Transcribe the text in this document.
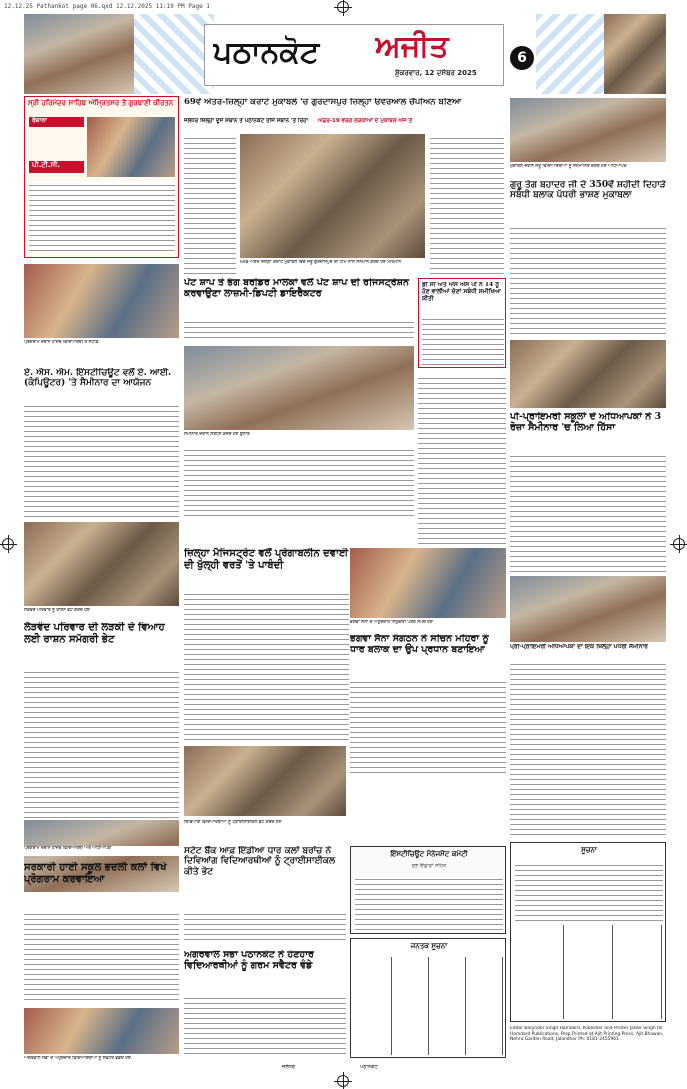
12.12.25 Pathankot page 06.qxd 12.12.2025 11:19 PM Page 1
ਪਠਾਨਕੋਟ	ਅਜੀਤ
ਸ਼ੁੱਕਰਵਾਰ, 12 ਦਸੰਬਰ 2025
6
ਸ੍ਰੀ ਹਰਿਮੰਦਰ ਸਾਹਿਬ ਅੰਮ੍ਰਿਤਸਰ ਤੋਂ ਗੁਰਬਾਣੀ ਕੀਰਤਨ
ਰੋਜ਼ਾਨਾ
ਪੀ.ਟੀ.ਸੀ.
69ਵੇਂ ਅੰਤਰ-ਜ਼ਿਲ੍ਹਾ ਕਰਾਟੇ ਮੁਕਾਬਲੇ 'ਚ ਗੁਰਦਾਸਪੁਰ ਜ਼ਿਲ੍ਹਾ ਓਵਰਆਲ ਚੈਂਪੀਅਨ ਬਣਿਆ
ਜਲੰਧਰ ਜ਼ਿਲ੍ਹਾ ਦੂਜੇ ਸਥਾਨ ਤੇ ਪਠਾਨਕੋਟ ਤੀਜੇ ਸਥਾਨ 'ਤੇ ਰਿਹਾ ਅੰਡਰ-19 ਵਰਗ ਲੜਕੀਆਂ ਦੇ ਮੁਕਾਬਲੇ ਅੱਜ ਤੋਂ
69ਵੇਂ ਅੰਤਰ ਜ਼ਿਲ੍ਹਾ ਕਰਾਟੇ ਮੁਕਾਬਲੇ ਵਿਚ ਜੇਤੂ ਗੁਰਦਾਸਪੁਰ ਦੀ ਟੀਮ ਨਾਲ ਸਨਮਾਨ ਕਰਦੇ ਹੋਏ ਮਹਿਮਾਨ
ਮੁਕਾਬਲੇ ਦੌਰਾਨ ਜੇਤੂ ਵਿਦਿਆਰਥੀਆਂ ਨੂੰ ਸਨਮਾਨਿਤ ਕਰਦੇ ਹੋਏ ਅਧਿਆਪਕ
ਗੁਰੂ ਤੇਗ ਬਹਾਦਰ ਜੀ ਦੇ 350ਵੇਂ ਸ਼ਹੀਦੀ ਦਿਹਾੜੇ ਸਬੰਧੀ ਬਲਾਕ ਪੱਧਰੀ ਭਾਸ਼ਣ ਮੁਕਾਬਲਾ
ਪੇਂਟ ਸ਼ਾਪ ਤੇ ਭੰਗ ਬਰੀਡਰ ਮਾਲਕਾਂ ਵਲੋਂ ਪੇਂਟ ਸ਼ਾਪ ਦੀ ਰਜਿਸਟ੍ਰੇਸ਼ਨ ਕਰਵਾਉਣਾ ਲਾਜ਼ਮੀ-ਡਿਪਟੀ ਡਾਇਰੈਕਟਰ
ਪ੍ਰੋਗਰਾਮ ਦੌਰਾਨ ਹਾਜ਼ਰ ਵਿਦਿਆਰਥੀ ਤੇ ਸਟਾਫ਼
ਡੀ ਸੀ ਅਤੇ ਐਸ ਐਸ ਪੀ ਨੇ 14 ਨੂੰ ਹੋਣ ਵਾਲੀਆਂ ਚੋਣਾਂ ਸਬੰਧੀ ਸਮੀਖਿਆ ਕੀਤੀ
ਪੀ-ਪ੍ਰਾਇਮਰੀ ਸਕੂਲਾਂ ਦੇ ਅਧਿਆਪਕਾਂ ਨੇ 3 ਰੋਜ਼ਾ ਸੈਮੀਨਾਰ 'ਚ ਲਿਆ ਹਿੱਸਾ
ਪ੍ਰੀ-ਪ੍ਰਾਇਮਰੀ ਅਧਿਆਪਕਾਂ ਦਾ ਇਕ ਜ਼ਿਲ੍ਹਾ ਪੱਧਰੀ ਸੈਮੀਨਾਰ
ਏ. ਐਸ. ਐਮ. ਇੰਸਟੀਚਿਊਟ ਵਲੋਂ ਏ. ਆਈ. (ਕੰਪਿਊਟਰ) 'ਤੇ ਸੈਮੀਨਾਰ ਦਾ ਆਯੋਜਨ
ਸੈਮੀਨਾਰ ਦੌਰਾਨ ਸੰਬੋਧਨ ਕਰਦੇ ਹੋਏ ਬੁਲਾਰੇ
ਲੋੜਵੰਦ ਪਰਿਵਾਰ ਨੂੰ ਰਾਸ਼ਨ ਭੇਟ ਕਰਦੇ ਹੋਏ
ਲੋੜਵੰਦ ਪਰਿਵਾਰ ਦੀ ਲੜਕੀ ਦੇ ਵਿਆਹ ਲਈ ਰਾਸ਼ਨ ਸਮੱਗਰੀ ਭੇਟ
ਜ਼ਿਲ੍ਹਾ ਮੈਜਿਸਟ੍ਰੇਟ ਵਲੋਂ ਪ੍ਰੇਗਾਬਲੀਨ ਦਵਾਈ ਦੀ ਖੁੱਲ੍ਹੀ ਵਰਤੋਂ 'ਤੇ ਪਾਬੰਦੀ
ਭਗਵਾ ਸੈਨਾ ਦੇ ਅਹੁਦੇਦਾਰ ਨਿਯੁਕਤੀ ਪੱਤਰ ਸੌਂਪਦੇ ਹੋਏ
ਭਗਵਾ ਸੈਨਾ ਸੰਗਠਨ ਨੇ ਸਚਿਨ ਮਹਿਰਾ ਨੂੰ ਧਾਰ ਬਲਾਕ ਦਾ ਉਪ ਪ੍ਰਧਾਨ ਬਣਾਇਆ
ਦਿਵਿਆਂਗ ਵਿਦਿਆਰਥੀਆਂ ਨੂੰ ਟ੍ਰਾਈਸਾਈਕਲ ਭੇਟ ਕਰਦੇ ਹੋਏ
ਸਟੇਟ ਬੈਂਕ ਆਫ਼ ਇੰਡੀਆ ਧਾਰ ਕਲਾਂ ਬਰਾਂਚ ਨੇ ਦਿਵਿਆਂਗ ਵਿਦਿਆਰਥੀਆਂ ਨੂੰ ਟ੍ਰਾਈਸਾਈਕਲ ਕੀਤੇ ਭੇਟ
ਪ੍ਰੋਗਰਾਮ ਦੌਰਾਨ ਹਾਜ਼ਰ ਵਿਦਿਆਰਥੀ ਅਤੇ ਅਧਿਆਪਕ
ਸਰਕਾਰੀ ਹਾਈ ਸਕੂਲ ਭਦਲੀ ਕਲਾਂ ਵਿਖੇ ਪ੍ਰੋਗਰਾਮ ਕਰਵਾਇਆ
ਅਗਰਵਾਲ ਸਭਾ ਪਠਾਨਕੋਟ ਨੇ ਹੋਣਹਾਰ ਵਿਦਿਆਰਥੀਆਂ ਨੂੰ ਗਰਮ ਸਵੈਟਰ ਵੰਡੇ
ਅਗਰਵਾਲ ਸਭਾ ਦੇ ਅਹੁਦੇਦਾਰ ਵਿਦਿਆਰਥੀਆਂ ਨੂੰ ਸਵੈਟਰ ਵੰਡਦੇ ਹੋਏ
ਇੰਸਟੀਚਿਊਟ ਮੈਨੇਜਮੈਂਟ ਕਮੇਟੀ
ਸ਼ੁਭ ਇੱਛਾਵਾਂ ਸਹਿਤ
ਜਨਤਕ ਸੂਚਨਾ
ਸੂਚਨਾ
Editor Barjinder Singh Hamdard, Publisher and Printer Jasbir Singh for Hamdard Publications, Prop Printed at Ajit Printing Press, Ajit Bhawan, Nehru Garden Road, Jalandhar Ph: 0181-2455961
ਜਲੰਧਰ	ਪਠਾਨਕੋਟ
